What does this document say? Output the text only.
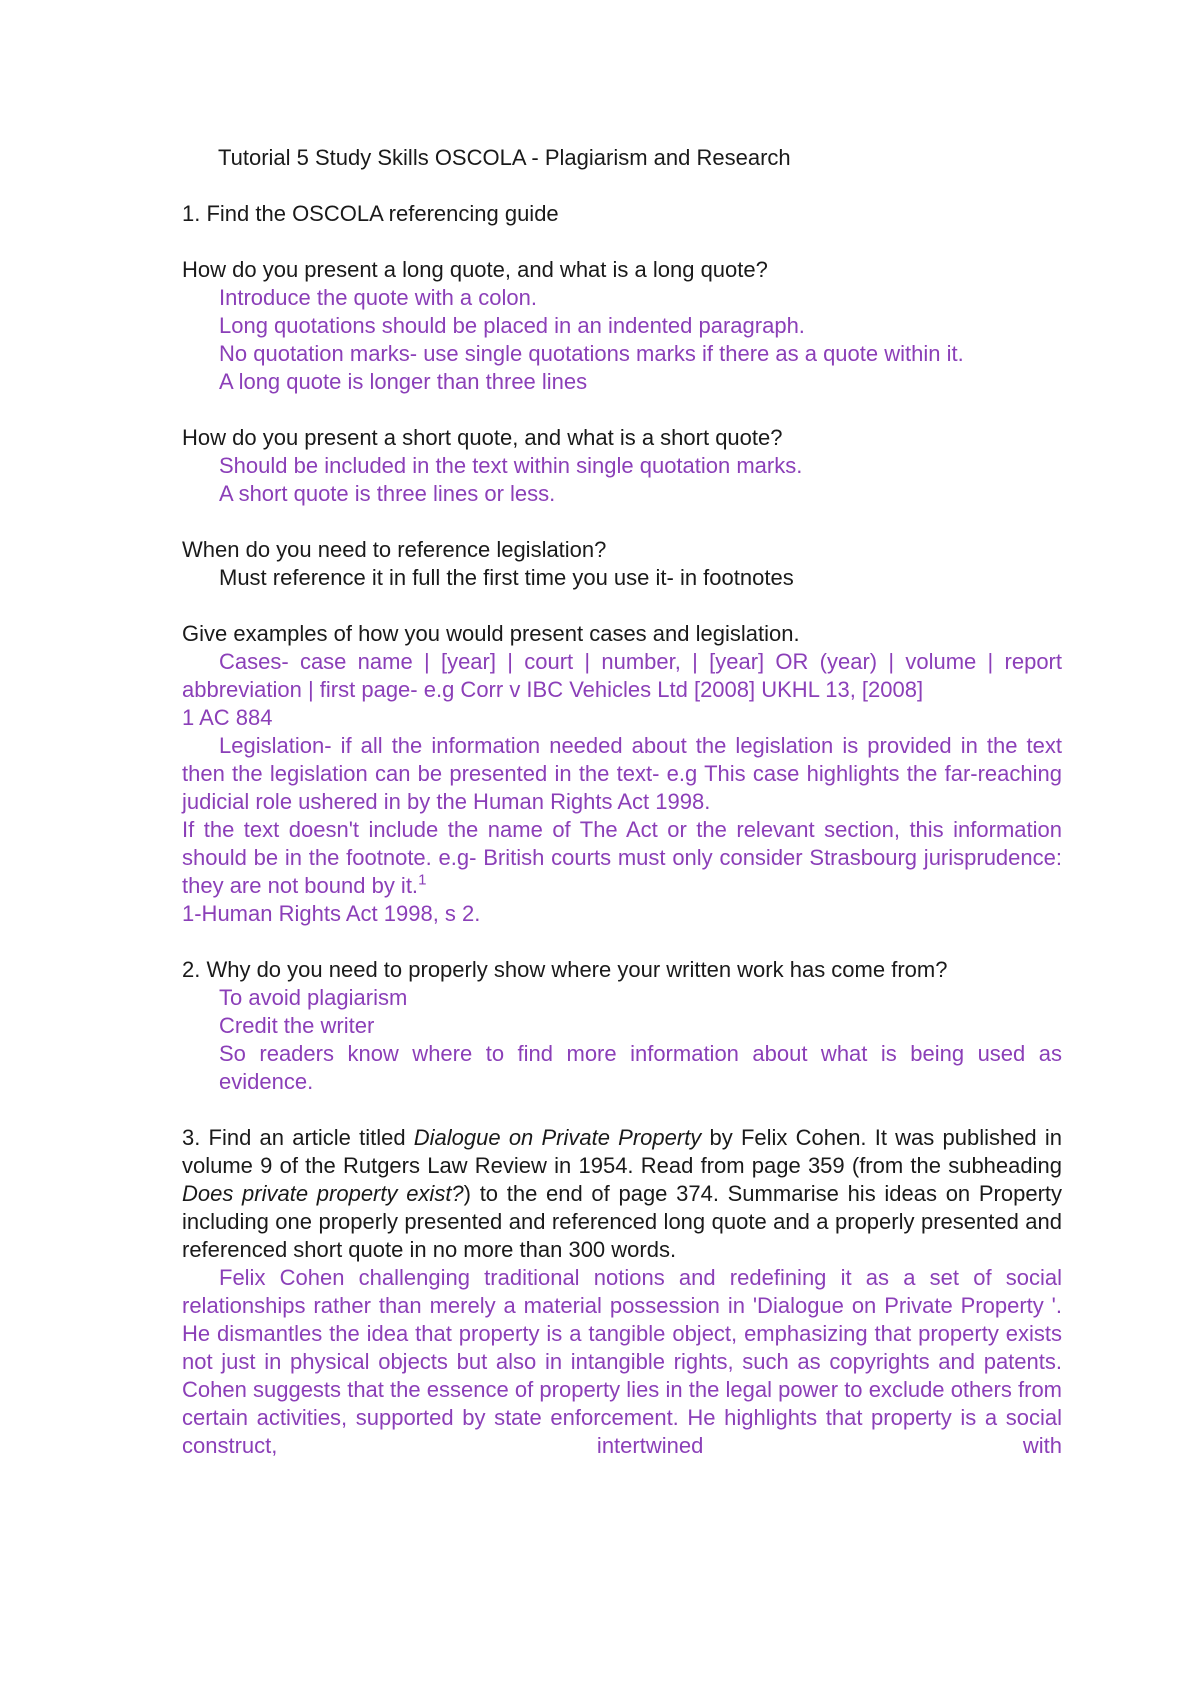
Tutorial 5 Study Skills OSCOLA - Plagiarism and Research

1. Find the OSCOLA referencing guide

How do you present a long quote, and what is a long quote?

Introduce the quote with a colon.

Long quotations should be placed in an indented paragraph.

No quotation marks- use single quotations marks if there as a quote within it.

A long quote is longer than three lines

How do you present a short quote, and what is a short quote?

Should be included in the text within single quotation marks.

A short quote is three lines or less.

When do you need to reference legislation?

Must reference it in full the first time you use it- in footnotes

Give examples of how you would present cases and legislation.

Cases- case name | [year] | court | number, | [year] OR (year) | volume | report abbreviation | first page- e.g Corr v IBC Vehicles Ltd [2008] UKHL 13, [2008]

1 AC 884

Legislation- if all the information needed about the legislation is provided in the text then the legislation can be presented in the text- e.g This case highlights the far-reaching judicial role ushered in by the Human Rights Act 1998.

If the text doesn't include the name of The Act or the relevant section, this information should be in the footnote. e.g- British courts must only consider Strasbourg jurisprudence: they are not bound by it.$^1$

1-Human Rights Act 1998, s 2.

2. Why do you need to properly show where your written work has come from?

To avoid plagiarism

Credit the writer

So readers know where to find more information about what is being used as evidence.

3. Find an article titled Dialogue on Private Property by Felix Cohen. It was published in volume 9 of the Rutgers Law Review in 1954. Read from page 359 (from the subheading Does private property exist?) to the end of page 374. Summarise his ideas on Property including one properly presented and referenced long quote and a properly presented and referenced short quote in no more than 300 words.

Felix Cohen challenging traditional notions and redefining it as a set of social relationships rather than merely a material possession in 'Dialogue on Private Property '. He dismantles the idea that property is a tangible object, emphasizing that property exists not just in physical objects but also in intangible rights, such as copyrights and patents. Cohen suggests that the essence of property lies in the legal power to exclude others from certain activities, supported by state enforcement. He highlights that property is a social construct, intertwined with
